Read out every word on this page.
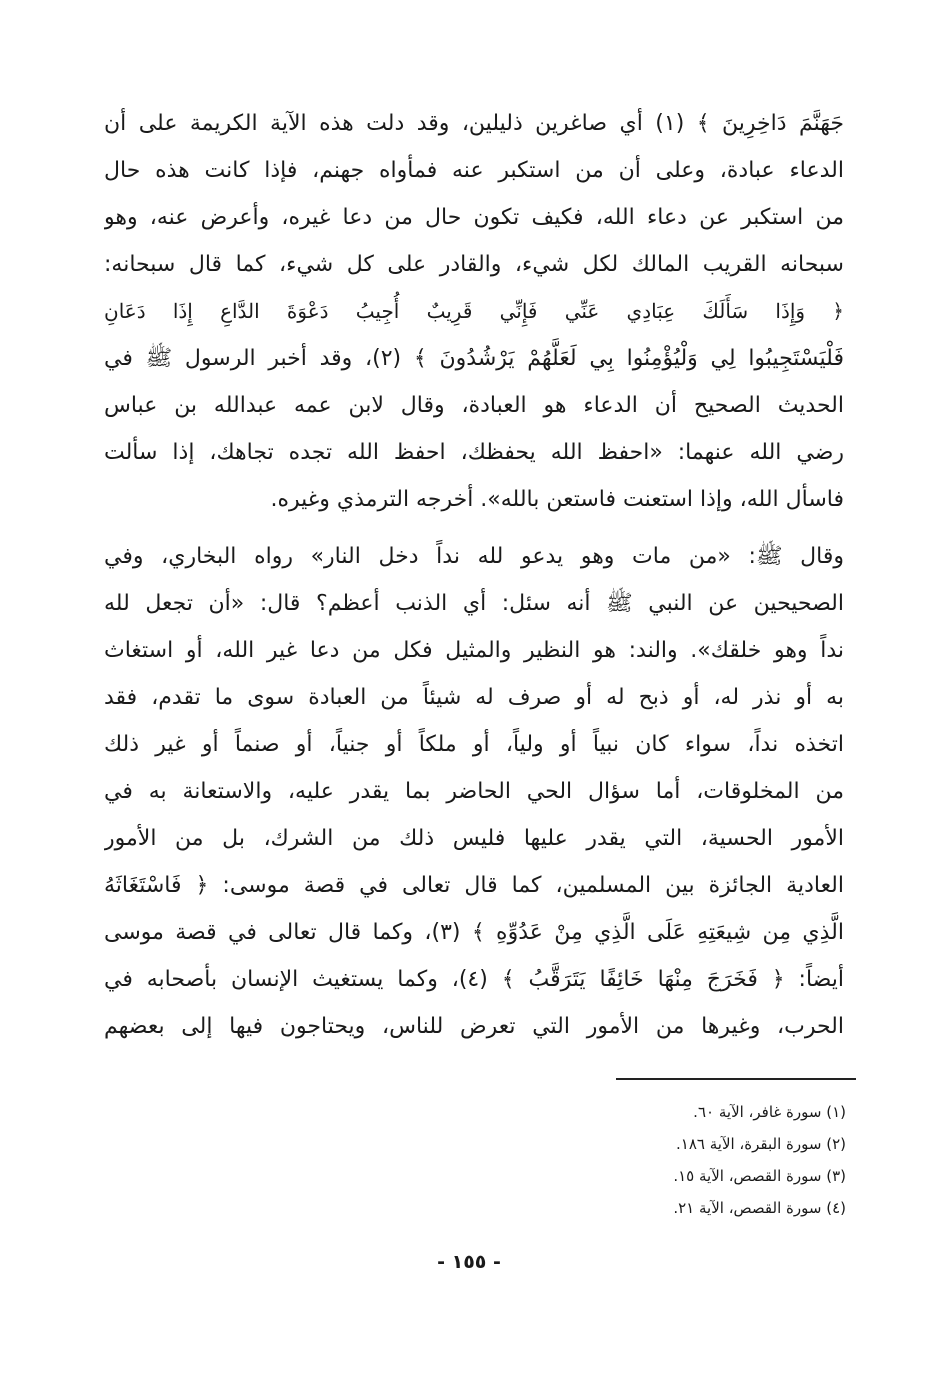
جَهَنَّمَ دَاخِرِينَ ﴾ (١) أي صاغرين ذليلين، وقد دلت هذه الآية الكريمة على أن
الدعاء عبادة، وعلى أن من استكبر عنه فمأواه جهنم، فإذا كانت هذه حال
من استكبر عن دعاء الله، فكيف تكون حال من دعا غيره، وأعرض عنه، وهو
سبحانه القريب المالك لكل شيء، والقادر على كل شيء، كما قال سبحانه:
﴿ وَإِذَا سَأَلَكَ عِبَادِي عَنِّي فَإِنِّي قَرِيبٌ أُجِيبُ دَعْوَةَ الدَّاعِ إِذَا دَعَانِ
فَلْيَسْتَجِيبُوا لِي وَلْيُؤْمِنُوا بِي لَعَلَّهُمْ يَرْشُدُونَ ﴾ (٢)، وقد أخبر الرسول ﷺ في
الحديث الصحيح أن الدعاء هو العبادة، وقال لابن عمه عبدالله بن عباس
رضي الله عنهما: «احفظ الله يحفظك، احفظ الله تجده تجاهك، إذا سألت
فاسأل الله، وإذا استعنت فاستعن بالله». أخرجه الترمذي وغيره.
وقال ﷺ: «من مات وهو يدعو لله نداً دخل النار» رواه البخاري، وفي
الصحيحين عن النبي ﷺ أنه سئل: أي الذنب أعظم؟ قال: «أن تجعل لله
نداً وهو خلقك». والند: هو النظير والمثيل فكل من دعا غير الله، أو استغاث
به أو نذر له، أو ذبح له أو صرف له شيئاً من العبادة سوى ما تقدم، فقد
اتخذه نداً، سواء كان نبياً أو ولياً، أو ملكاً أو جنياً، أو صنماً أو غير ذلك
من المخلوقات، أما سؤال الحي الحاضر بما يقدر عليه، والاستعانة به في
الأمور الحسية، التي يقدر عليها فليس ذلك من الشرك، بل من الأمور
العادية الجائزة بين المسلمين، كما قال تعالى في قصة موسى: ﴿ فَاسْتَغَاثَهُ
الَّذِي مِن شِيعَتِهِ عَلَى الَّذِي مِنْ عَدُوِّهِ ﴾ (٣)، وكما قال تعالى في قصة موسى
أيضاً: ﴿ فَخَرَجَ مِنْهَا خَائِفًا يَتَرَقَّبُ ﴾ (٤)، وكما يستغيث الإنسان بأصحابه في
الحرب، وغيرها من الأمور التي تعرض للناس، ويحتاجون فيها إلى بعضهم
(١) سورة غافر، الآية ٦٠.
(٢) سورة البقرة، الآية ١٨٦.
(٣) سورة القصص، الآية ١٥.
(٤) سورة القصص، الآية ٢١.
- ١٥٥ -
